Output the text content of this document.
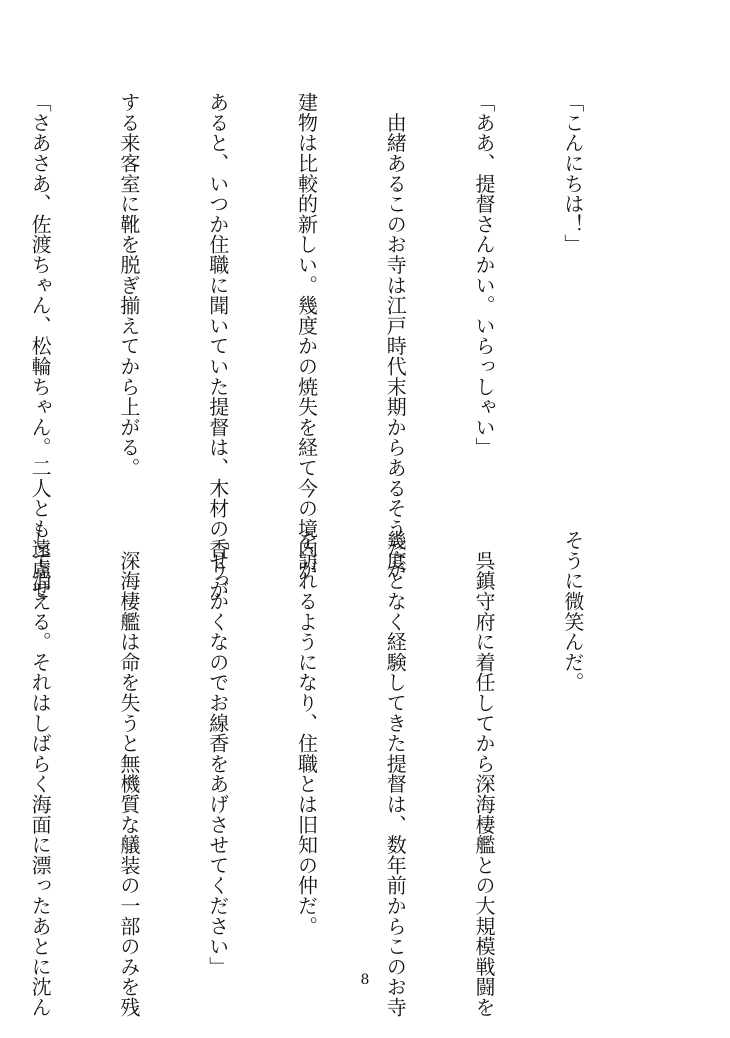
「こんにちは！」

「ああ、提督さんかい。いらっしゃい」

　由緒あるこのお寺は江戸時代末期からあるそうだが

建物は比較的新しい。幾度かの焼失を経て今の境内が

あると、いつか住職に聞いていた提督は、木材の香りが

する来客室に靴を脱ぎ揃えてから上がる。

「さあさあ、佐渡ちゃん、松輪ちゃん。二人とも遠慮せ

そうに微笑んだ。

　呉鎮守府に着任してから深海棲艦との大規模戦闘を

幾度となく経験してきた提督は、数年前からこのお寺

を訪れるようになり、住職とは旧知の仲だ。

「せっかくなのでお線香をあげさせてください」

　深海棲艦は命を失うと無機質な艤装の一部のみを残

して消える。それはしばらく海面に漂ったあとに沈ん

	8
